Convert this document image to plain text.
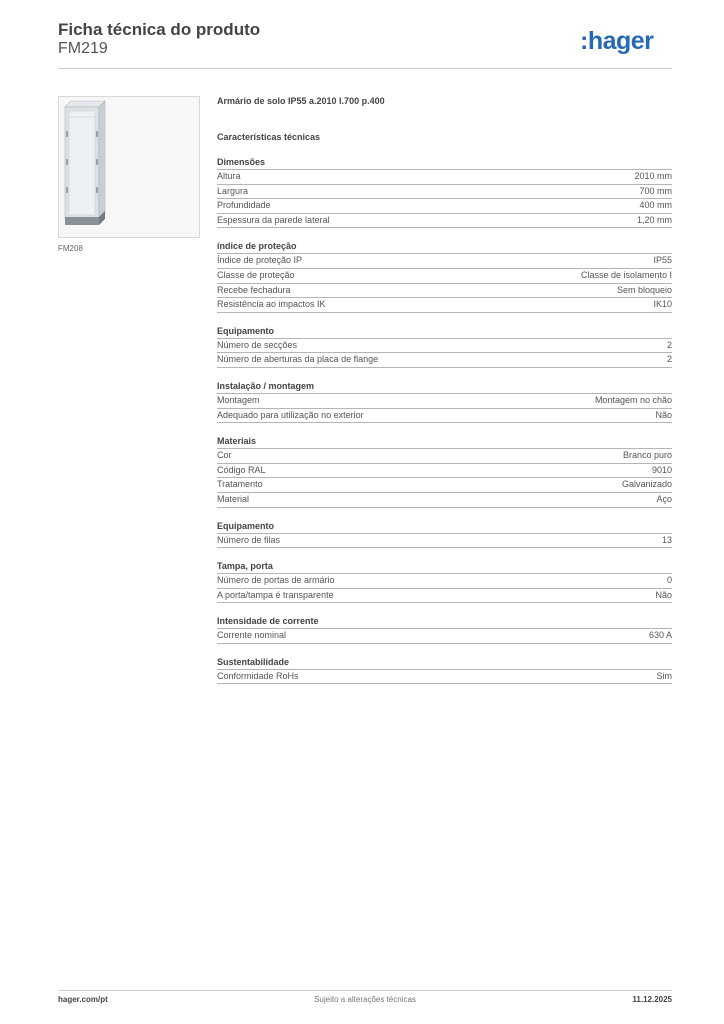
Ficha técnica do produto
FM219	:hager
FM208
Armário de solo IP55 a.2010 l.700 p.400
Características técnicas
Dimensões
Altura	2010 mm
Largura	700 mm
Profundidade	400 mm
Espessura da parede lateral	1,20 mm
índice de proteção
Índice de proteção IP	IP55
Classe de proteção	Classe de isolamento I
Recebe fechadura	Sem bloqueio
Resistência ao impactos IK	IK10
Equipamento
Número de secções	2
Número de aberturas da placa de flange	2
Instalação / montagem
Montagem	Montagem no chão
Adequado para utilização no exterior	Não
Materiais
Cor	Branco puro
Código RAL	9010
Tratamento	Galvanizado
Material	Aço
Equipamento
Número de filas	13
Tampa, porta
Número de portas de armário	0
A porta/tampa é transparente	Não
Intensidade de corrente
Corrente nominal	630 A
Sustentabilidade
Conformidade RoHs	Sim
hager.com/pt	Sujeito a alterações técnicas	11.12.2025
